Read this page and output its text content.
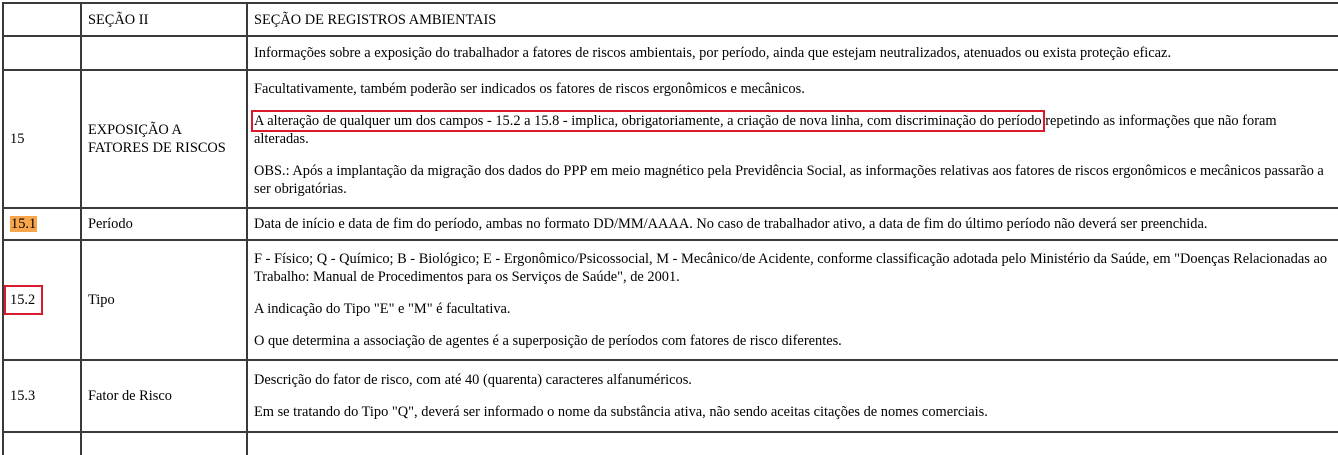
	SEÇÃO II	SEÇÃO DE REGISTROS AMBIENTAIS
		Informações sobre a exposição do trabalhador a fatores de riscos ambientais, por período, ainda que estejam neutralizados, atenuados ou exista proteção eficaz.
15	EXPOSIÇÃO A FATORES DE RISCOS	Facultativamente, também poderão ser indicados os fatores de riscos ergonômicos e mecânicos.

A alteração de qualquer um dos campos - 15.2 a 15.8 - implica, obrigatoriamente, a criação de nova linha, com discriminação do período repetindo as informações que não foram alteradas.

OBS.: Após a implantação da migração dos dados do PPP em meio magnético pela Previdência Social, as informações relativas aos fatores de riscos ergonômicos e mecânicos passarão a ser obrigatórias.

15.1	Período	Data de início e data de fim do período, ambas no formato DD/MM/AAAA. No caso de trabalhador ativo, a data de fim do último período não deverá ser preenchida.
15.2	Tipo	F - Físico; Q - Químico; B - Biológico; E - Ergonômico/Psicossocial, M - Mecânico/de Acidente, conforme classificação adotada pelo Ministério da Saúde, em "Doenças Relacionadas ao Trabalho: Manual de Procedimentos para os Serviços de Saúde", de 2001.

A indicação do Tipo "E" e "M" é facultativa.

O que determina a associação de agentes é a superposição de períodos com fatores de risco diferentes.

15.3	Fator de Risco	Descrição do fator de risco, com até 40 (quarenta) caracteres alfanuméricos.

Em se tratando do Tipo "Q", deverá ser informado o nome da substância ativa, não sendo aceitas citações de nomes comerciais.
